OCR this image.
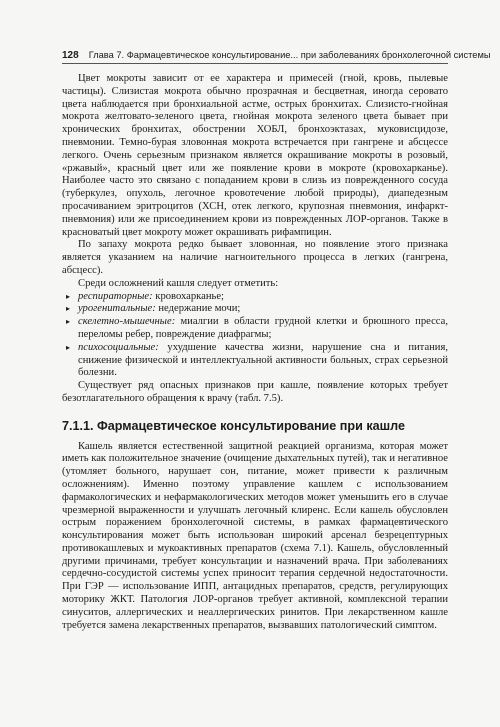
128 Глава 7. Фармацевтическое консультирование... при заболеваниях бронхолегочной системы

Цвет мокроты зависит от ее характера и примесей (гной, кровь, пылевые частицы). Слизистая мокрота обычно прозрачная и бесцветная, иногда серовато цвета наблюдается при бронхиальной астме, острых бронхитах. Слизисто-гнойная мокрота желтовато-зеленого цвета, гнойная мокрота зеленого цвета бывает при хронических бронхитах, обострении ХОБЛ, бронхоэктазах, муковисцидозе, пневмонии. Темно-бурая зловонная мокрота встречается при гангрене и абсцессе легкого. Очень серьезным признаком является окрашивание мокроты в розовый, «ржавый», красный цвет или же появление крови в мокроте (кровохарканье). Наиболее часто это связано с попаданием крови в слизь из поврежденного сосуда (туберкулез, опухоль, легочное кровотечение любой природы), диапедезным просачиванием эритроцитов (ХСН, отек легкого, крупозная пневмония, инфаркт-пневмония) или же присоединением крови из поврежденных ЛОР-органов. Также в красноватый цвет мокроту может окрашивать рифампицин.

По запаху мокрота редко бывает зловонная, но появление этого признака является указанием на наличие нагноительного процесса в легких (гангрена, абсцесс).

Среди осложнений кашля следует отметить:

▸ респираторные: кровохарканье;
▸ урогенитальные: недержание мочи;
▸ скелетно-мышечные: миалгии в области грудной клетки и брюшного пресса, переломы ребер, повреждение диафрагмы;
▸ психосоциальные: ухудшение качества жизни, нарушение сна и питания, снижение физической и интеллектуальной активности больных, страх серьезной болезни.

Существует ряд опасных признаков при кашле, появление которых требует безотлагательного обращения к врачу (табл. 7.5).

7.1.1. Фармацевтическое консультирование при кашле

Кашель является естественной защитной реакцией организма, которая может иметь как положительное значение (очищение дыхательных путей), так и негативное (утомляет больного, нарушает сон, питание, может привести к различным осложнениям). Именно поэтому управление кашлем с использованием фармакологических и нефармакологических методов может уменьшить его в случае чрезмерной выраженности и улучшать легочный клиренс. Если кашель обусловлен острым поражением бронхолегочной системы, в рамках фармацевтического консультирования может быть использован широкий арсенал безрецептурных противокашлевых и мукоактивных препаратов (схема 7.1). Кашель, обусловленный другими причинами, требует консультации и назначений врача. При заболеваниях сердечно-сосудистой системы успех приносит терапия сердечной недостаточности. При ГЭР — использование ИПП, антацидных препаратов, средств, регулирующих моторику ЖКТ. Патология ЛОР-органов требует активной, комплексной терапии синуситов, аллергических и неаллергических ринитов. При лекарственном кашле требуется замена лекарственных препаратов, вызвавших патологический симптом.
